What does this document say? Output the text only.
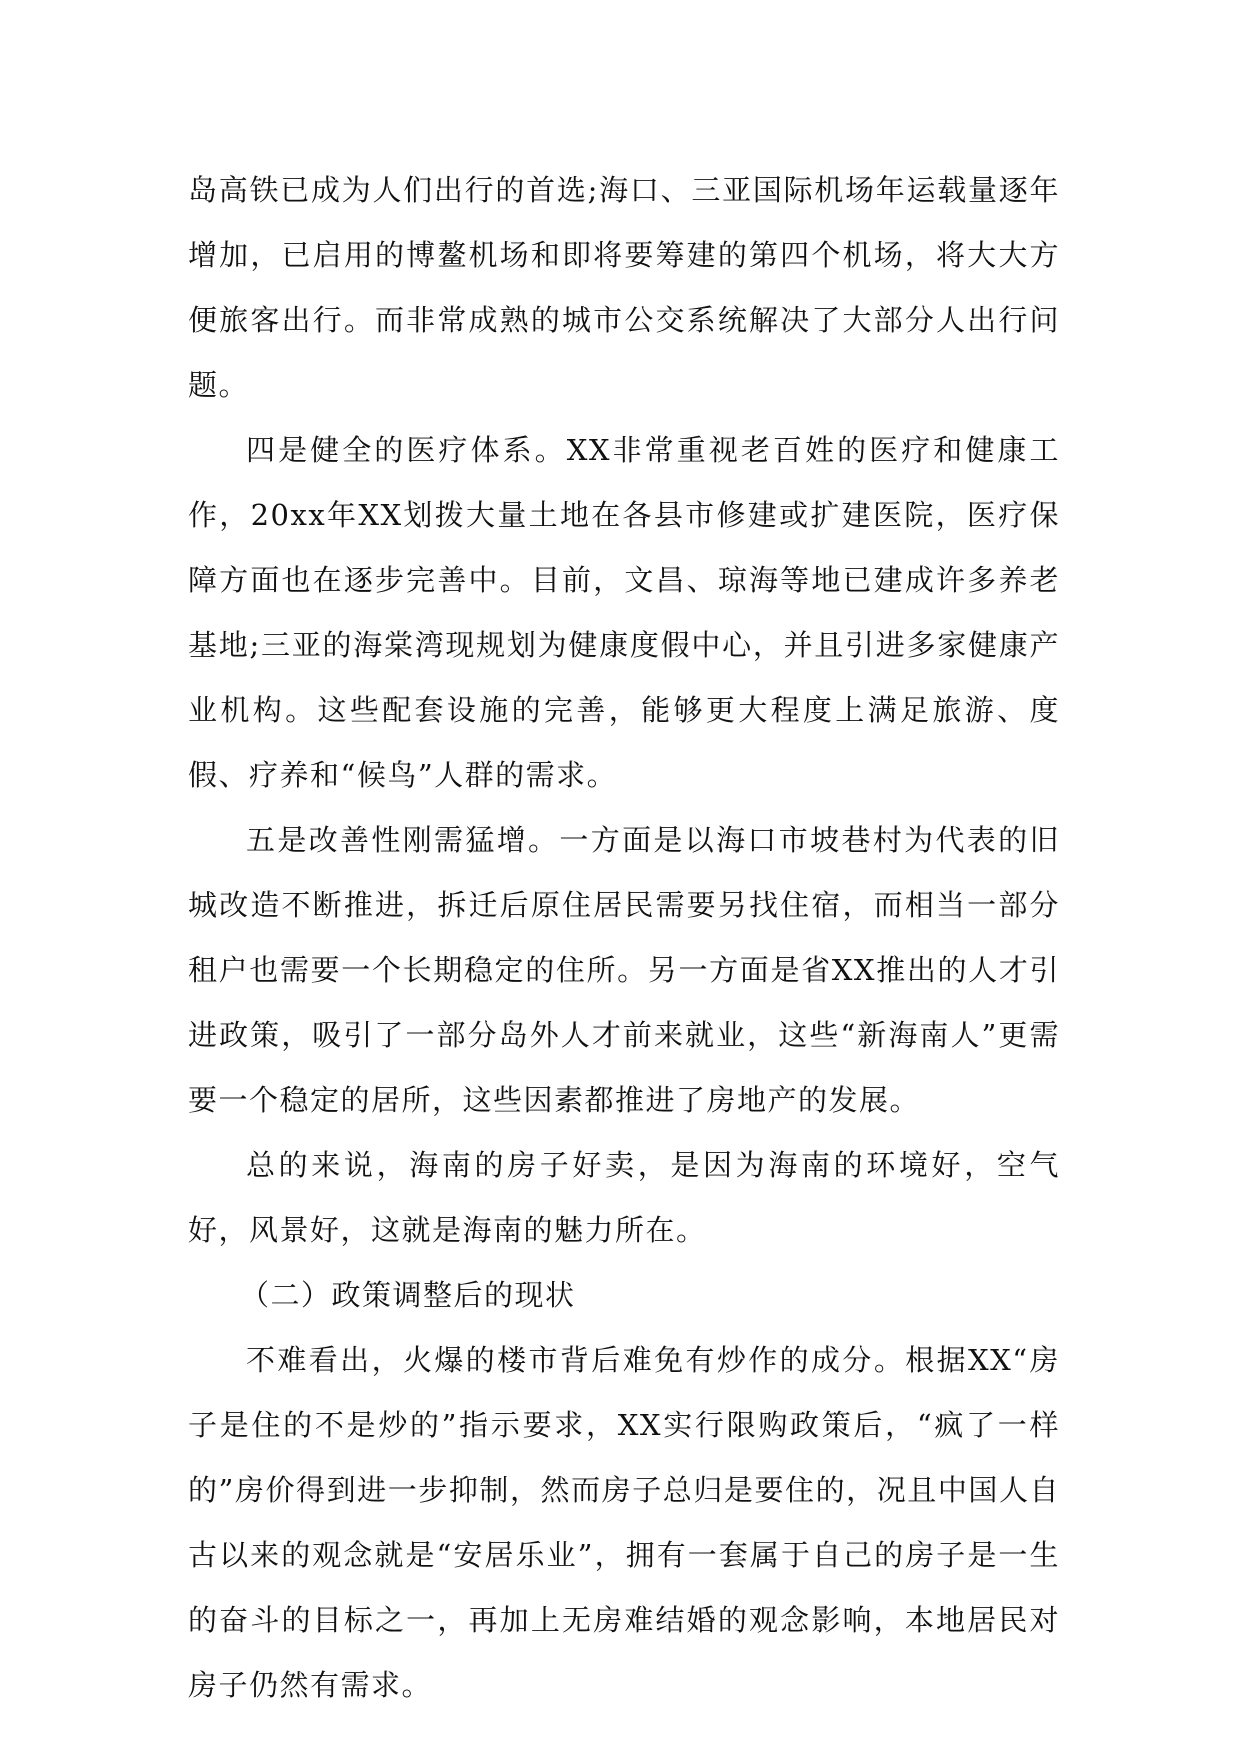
岛高铁已成为人们出行的首选;海口、三亚国际机场年运载量逐年增加，已启用的博鳌机场和即将要筹建的第四个机场，将大大方便旅客出行。而非常成熟的城市公交系统解决了大部分人出行问题。

四是健全的医疗体系。XX非常重视老百姓的医疗和健康工作，20xx年XX划拨大量土地在各县市修建或扩建医院，医疗保障方面也在逐步完善中。目前，文昌、琼海等地已建成许多养老基地;三亚的海棠湾现规划为健康度假中心，并且引进多家健康产业机构。这些配套设施的完善，能够更大程度上满足旅游、度假、疗养和“候鸟”人群的需求。

五是改善性刚需猛增。一方面是以海口市坡巷村为代表的旧城改造不断推进，拆迁后原住居民需要另找住宿，而相当一部分租户也需要一个长期稳定的住所。另一方面是省XX推出的人才引进政策，吸引了一部分岛外人才前来就业，这些“新海南人”更需要一个稳定的居所，这些因素都推进了房地产的发展。

总的来说，海南的房子好卖，是因为海南的环境好，空气好，风景好，这就是海南的魅力所在。

（二）政策调整后的现状

不难看出，火爆的楼市背后难免有炒作的成分。根据XX“房子是住的不是炒的”指示要求，XX实行限购政策后，“疯了一样的”房价得到进一步抑制，然而房子总归是要住的，况且中国人自古以来的观念就是“安居乐业”，拥有一套属于自己的房子是一生的奋斗的目标之一，再加上无房难结婚的观念影响，本地居民对房子仍然有需求。
